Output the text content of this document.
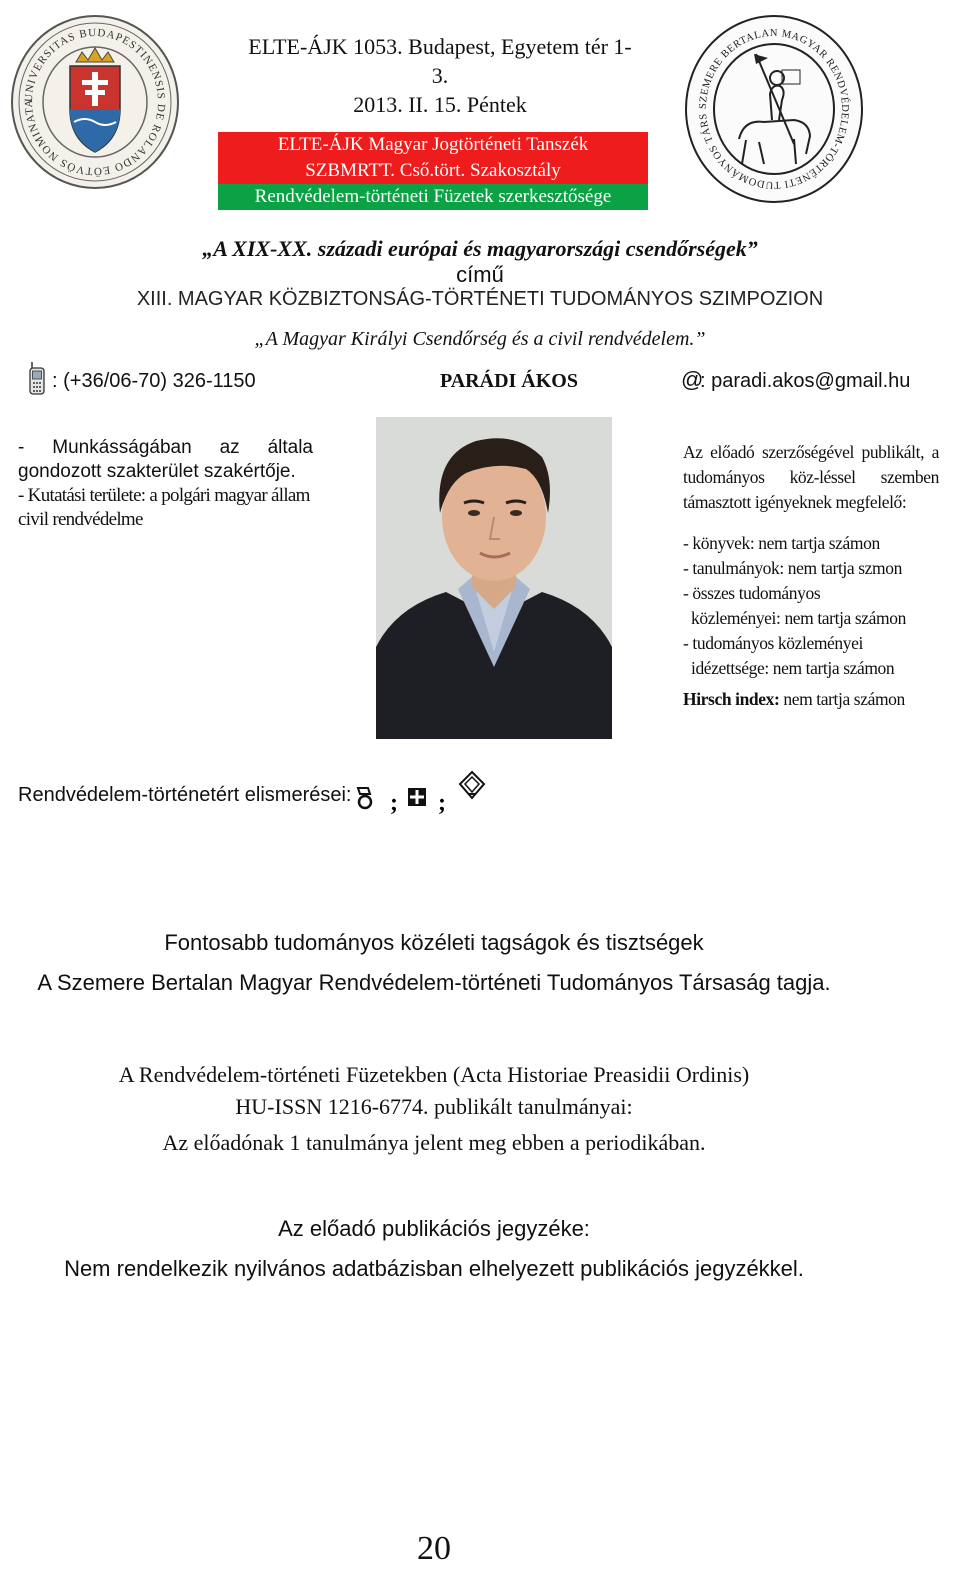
UNIVERSITAS BUDAPESTINENSIS DE ROLANDO EÖTVÖS NOMINATA	SZEMERE BERTALAN MAGYAR RENDVÉDELEM-TÖRTÉNETI TUDOMÁNYOS TÁRS
ELTE-ÁJK 1053. Budapest, Egyetem tér 1-
3.
2013. II. 15. Péntek
ELTE-ÁJK Magyar Jogtörténeti Tanszék
SZBMRTT. Cső.tört. Szakosztály
Rendvédelem-történeti Füzetek szerkesztősége
„A XIX-XX. századi európai és magyarországi csendőrségek”
című
XIII. MAGYAR KÖZBIZTONSÁG-TÖRTÉNETI TUDOMÁNYOS SZIMPOZION
„A Magyar Királyi Csendőrség és a civil rendvédelem.”
: (+36/06-70) 326-1150	PARÁDI ÁKOS	@
: paradi.akos@gmail.hu
- Munkásságában az általa gondozott szakterület szakértője.
- Kutatási területe: a polgári magyar állam civil rendvédelme
Az előadó szerzőségével publikált, a tudományos köz-léssel szemben támasztott igényeknek megfelelő:
- könyvek: nem tartja számon
- tanulmányok: nem tartja szmon
- összes tudományos
közleményei: nem tartja számon
- tudományos közleményei
idézettsége: nem tartja számon
Hirsch index: nem tartja számon
Rendvédelem-történetért elismerései: ; ;
Fontosabb tudományos közéleti tagságok és tisztségek
A Szemere Bertalan Magyar Rendvédelem-történeti Tudományos Társaság tagja.
A Rendvédelem-történeti Füzetekben (Acta Historiae Preasidii Ordinis)
HU-ISSN 1216-6774. publikált tanulmányai:
Az előadónak 1 tanulmánya jelent meg ebben a periodikában.
Az előadó publikációs jegyzéke:
Nem rendelkezik nyilvános adatbázisban elhelyezett publikációs jegyzékkel.
20
